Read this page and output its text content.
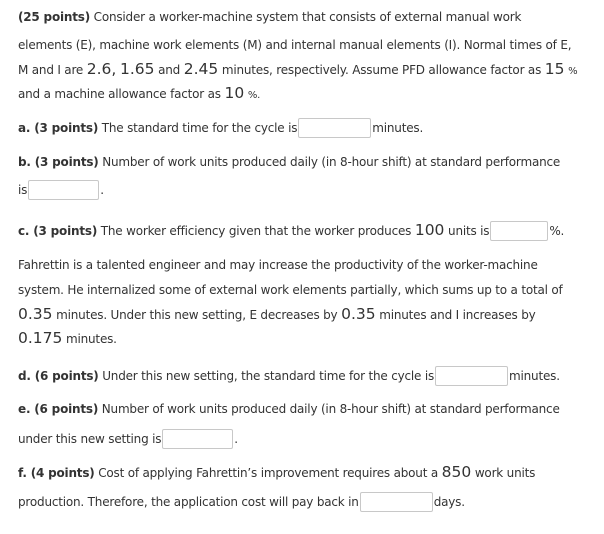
(25 points) Consider a worker-machine system that consists of external manual work
elements (E), machine work elements (M) and internal manual elements (I). Normal times of E,
M and I are 2.6, 1.65 and 2.45 minutes, respectively. Assume PFD allowance factor as 15 %
and a machine allowance factor as 10 %.
a. (3 points) The standard time for the cycle is	minutes.
b. (3 points) Number of work units produced daily (in 8-hour shift) at standard performance
is	.
c. (3 points) The worker efficiency given that the worker produces 100 units is	%.
Fahrettin is a talented engineer and may increase the productivity of the worker-machine
system. He internalized some of external work elements partially, which sums up to a total of
0.35 minutes. Under this new setting, E decreases by 0.35 minutes and I increases by
0.175 minutes.
d. (6 points) Under this new setting, the standard time for the cycle is	minutes.
e. (6 points) Number of work units produced daily (in 8-hour shift) at standard performance
under this new setting is	.
f. (4 points) Cost of applying Fahrettin’s improvement requires about a 850 work units
production. Therefore, the application cost will pay back in	days.
